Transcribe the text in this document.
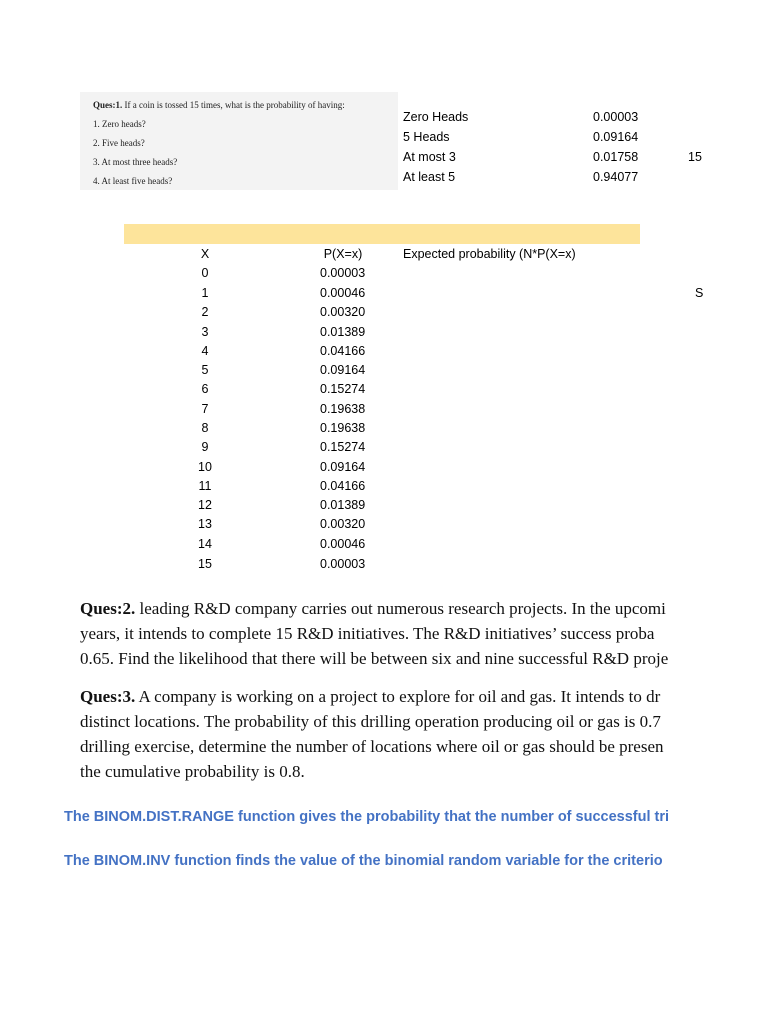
Ques:1. If a coin is tossed 15 times, what is the probability of having:
1. Zero heads?
2. Five heads?
3. At most three heads?
4. At least five heads?
Zero Heads	0.00003
5 Heads	0.09164
At most 3	0.01758	15
At least 5	0.94077
X	P(X=x)	Expected probability (N*P(X=x)
S
0	0.00003
1	0.00046
2	0.00320
3	0.01389
4	0.04166
5	0.09164
6	0.15274
7	0.19638
8	0.19638
9	0.15274
10	0.09164
11	0.04166
12	0.01389
13	0.00320
14	0.00046
15	0.00003
Ques:2. leading R&D company carries out numerous research projects. In the upcomi
years, it intends to complete 15 R&D initiatives. The R&D initiatives’ success proba
0.65. Find the likelihood that there will be between six and nine successful R&D proje
Ques:3. A company is working on a project to explore for oil and gas. It intends to dr
distinct locations. The probability of this drilling operation producing oil or gas is 0.7
drilling exercise, determine the number of locations where oil or gas should be presen
the cumulative probability is 0.8.
The BINOM.DIST.RANGE function gives the probability that the number of successful tri
The BINOM.INV function finds the value of the binomial random variable for the criterio
